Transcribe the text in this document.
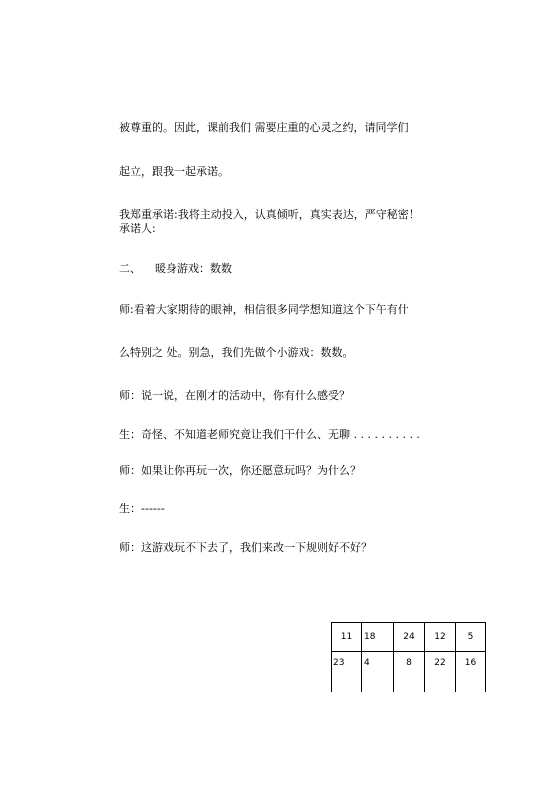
被尊重的。因此，课前我们 需要庄重的心灵之约，请同学们
起立，跟我一起承诺。
我郑重承诺:我将主动投入，认真倾听，真实表达，严守秘密！
承诺人:
二、 暖身游戏：数数
师:看着大家期待的眼神，相信很多同学想知道这个下午有什
么特别之 处。别急，我们先做个小游戏：数数。
师：说一说，在刚才的活动中，你有什么感受？
生：奇怪、不知道老师究竟让我们干什么、无聊 . . . . . . . . . .
师：如果让你再玩一次，你还愿意玩吗？为什么？
生：------
师：这游戏玩不下去了，我们来改一下规则好不好？
11	18	24	12	5
23	4	8	22	16
